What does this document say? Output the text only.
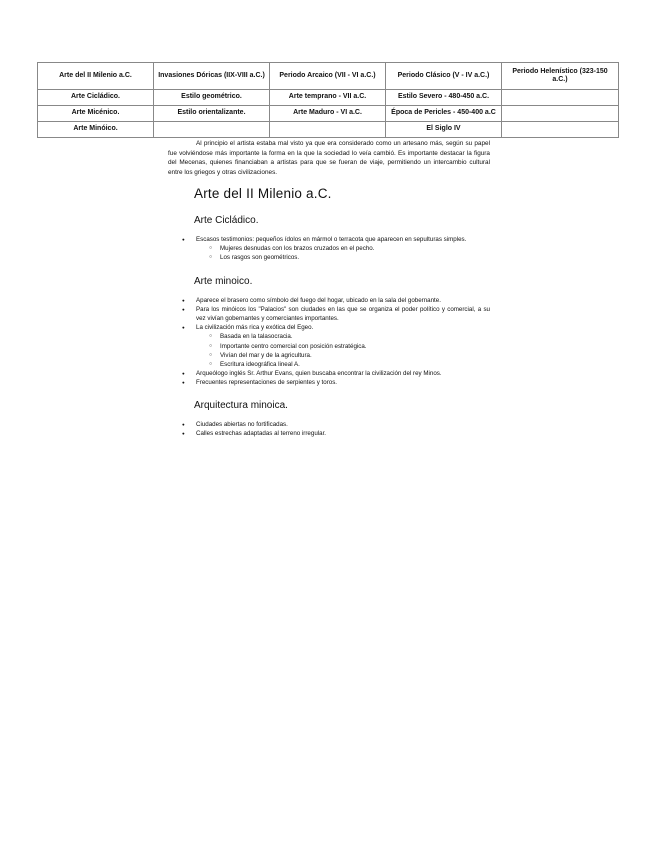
Arte del II Milenio a.C.	Invasiones Dóricas (IIX-VIII a.C.)	Periodo Arcaico (VII - VI a.C.)	Periodo Clásico (V - IV a.C.)	Periodo Helenístico (323-150 a.C.)
Arte Cicládico.	Estilo geométrico.	Arte temprano - VII a.C.	Estilo Severo - 480-450 a.C.	
Arte Micénico.	Estilo orientalizante.	Arte Maduro - VI a.C.	Época de Pericles - 450-400 a.C	
Arte Minóico.			El Siglo IV	

Al principio el artista estaba mal visto ya que era considerado como un artesano más, según su papel fue volviéndose más importante la forma en la que la sociedad lo veía cambió. Es importante destacar la figura del Mecenas, quienes financiaban a artistas para que se fueran de viaje, permitiendo un intercambio cultural entre los griegos y otras civilizaciones.

Arte del II Milenio a.C.
Arte Cicládico.
● Escasos testimonios: pequeños ídolos en mármol o terracota que aparecen en sepulturas simples.
○ Mujeres desnudas con los brazos cruzados en el pecho.
○ Los rasgos son geométricos.
Arte minoico.
● Aparece el brasero como símbolo del fuego del hogar, ubicado en la sala del gobernante.
● Para los minóicos los "Palacios" son ciudades en las que se organiza el poder político y comercial, a su vez vivían gobernantes y comerciantes importantes.
● La civilización más rica y exótica del Egeo.
○ Basada en la talasocracia.
○ Importante centro comercial con posición estratégica.
○ Vivían del mar y de la agricultura.
○ Escritura ideográfica lineal A.
● Arqueólogo inglés Sr. Arthur Evans, quien buscaba encontrar la civilización del rey Minos.
● Frecuentes representaciones de serpientes y toros.
Arquitectura minoica.
● Ciudades abiertas no fortificadas.
● Calles estrechas adaptadas al terreno irregular.
